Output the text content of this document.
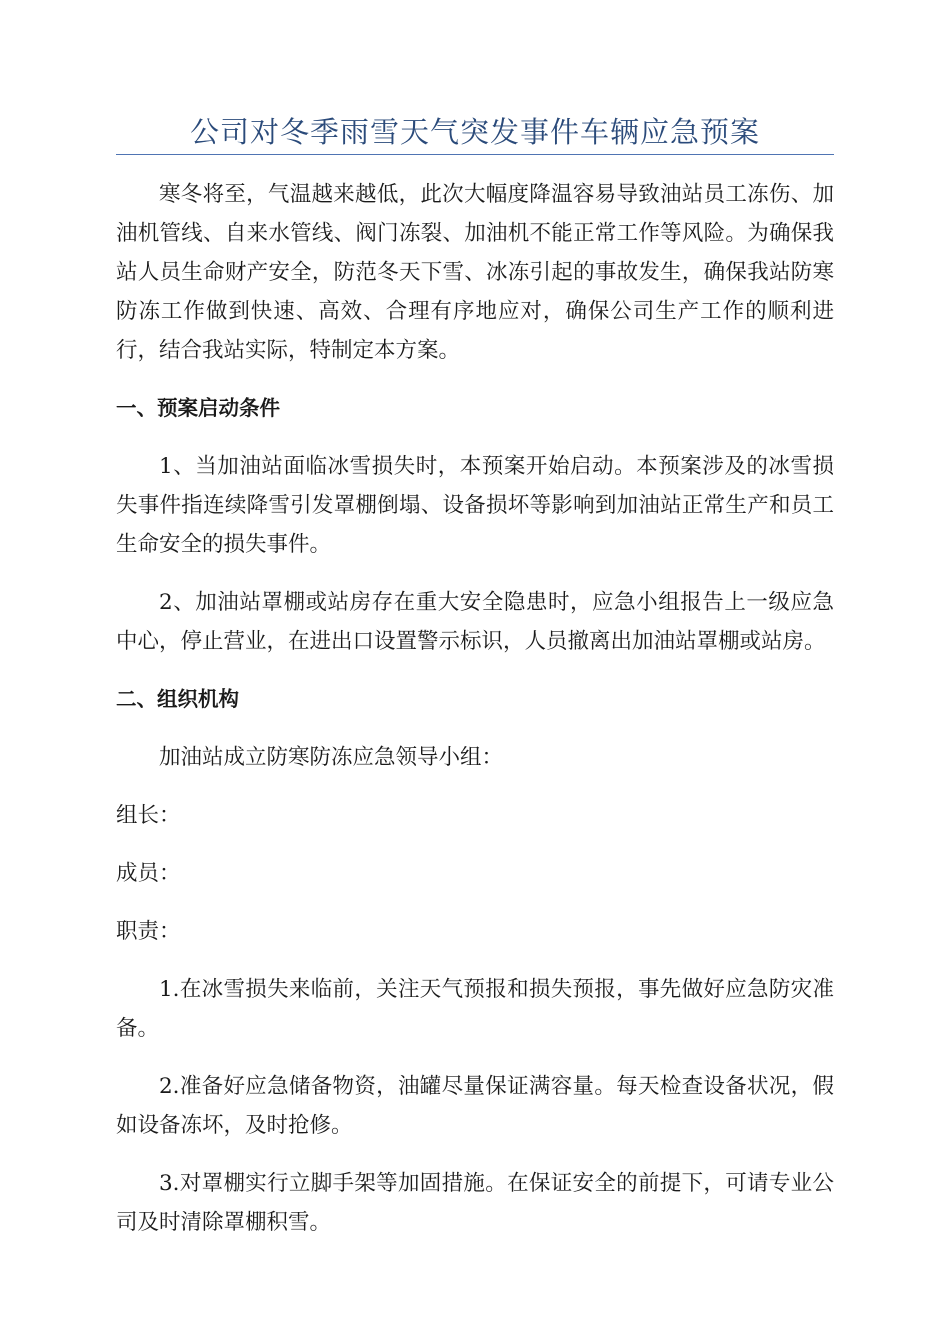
公司对冬季雨雪天气突发事件车辆应急预案

寒冬将至，气温越来越低，此次大幅度降温容易导致油站员工冻伤、加油机管线、自来水管线、阀门冻裂、加油机不能正常工作等风险。为确保我站人员生命财产安全，防范冬天下雪、冰冻引起的事故发生，确保我站防寒防冻工作做到快速、高效、合理有序地应对，确保公司生产工作的顺利进行，结合我站实际，特制定本方案。

一、预案启动条件

1、当加油站面临冰雪损失时，本预案开始启动。本预案涉及的冰雪损失事件指连续降雪引发罩棚倒塌、设备损坏等影响到加油站正常生产和员工生命安全的损失事件。

2、加油站罩棚或站房存在重大安全隐患时，应急小组报告上一级应急中心，停止营业，在进出口设置警示标识，人员撤离出加油站罩棚或站房。

二、组织机构

加油站成立防寒防冻应急领导小组：

组长：

成员：

职责：

1.在冰雪损失来临前，关注天气预报和损失预报，事先做好应急防灾准备。

2.准备好应急储备物资，油罐尽量保证满容量。每天检查设备状况，假如设备冻坏，及时抢修。

3.对罩棚实行立脚手架等加固措施。在保证安全的前提下，可请专业公司及时清除罩棚积雪。
